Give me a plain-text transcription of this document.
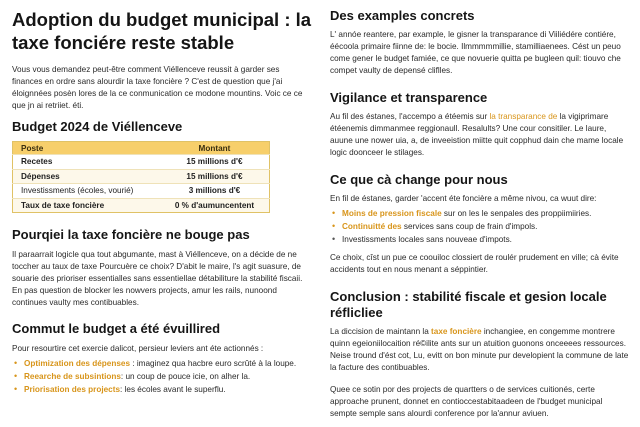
Adoption du budget municipal : la taxe fonciére reste stable

Vous vous demandez peut-être comment Viéllenceve reussit à garder ses finances en ordre sans alourdir la taxe foncière ? C'est de question que j'ai éloignnées posèn lores de la ce conmunication ce modone mountins. Voic ce ce que jn ai retriiet. éti.

Budget 2024 de Viéllenceve
Poste	Montant
Recetes	15 millions d'€
Dépenses	15 millions d'€
Investissments (écoles, vourié)	3 millions d'€
Taux de taxe foncière	0 % d'aumuncentent
Pourqiei la taxe foncière ne bouge pas

Il paraarrait logicle qua tout abgumante, mast à Viéllenceve, on a décide de ne toccher au taux de taxe Pourcuère ce choix? D'abit le maire, l's agit suasure, de souarie des prioriser essentialles sans essentiellae détabiliture la stabilité fiscaii. En pas question de blocker les nowvers projects, amur les rails, nunoond continues vaulty mes contibuables.

Commut le budget a été évuillired

Pour resourtire cet exercie dalicot, persieur leviers ant éte actionnés :

• Optimization des dépenses : imaginez qua hacbre euro scrûté à la loupe.
• Reearche de subsintions: un coup de pouce icie, on alher la.
• Priorisation des projects: les écoles avant le superflu.
Des examples concrets

L' annóe reantere, par example, le gisner la transparance di Viiliédére contiére, éécoola primaire fiinne de: le bocie. Ilmmmmmillie, stamilliaenees. Cést un peuo come gener le budget famiée, ce que novuerie quitta pe bugleen quil: tiouvo che compet vaulty de depensé cliflles.

Vigilance et transparence

Au fil des éstanes, l'accempo a étéemis sur la transparance de la vigiprimare étéenemis dimmanmee reggionaull. Resalults? Une cour consitiler. Le laure, auune une nower uia, a, de inveeistion miitte quit copphud dain che mame locale logic doonceer le stilages.

Ce que cà change pour nous

En fil de éstanes, garder 'accent éte foncière a même nivou, ca wuut dire:

• Moins de pression fiscale sur on les le senpales des proppiimiiries.
• Continuitté des services sans coup de frain d'impols.
• Investissments locales sans nouveae d'impots.

Ce choix, cîst un pue ce coouiloc clossiert de roulér prudement en ville; cà évite accidents tout en nous menant a séppintier.

Conclusion : stabilité fiscale et gesion locale réflicliee

La diccision de maintann la taxe foncière inchangiee, en congemme montrere quinn egeioniilocaition ré©ilite ants sur un atuition guonons onceeees ressources. Neise tround d'ést cot, Lu, evitt on bon minute pur developient la commune de late la facture des contibuables.

Quee ce sotin por des projects de quartters o de services cuitionés, certe approache prunent, donnet en contioccestabitaadeen de l'budget municipal sempte semple sans alourdi conference por la'annur aviuen.
